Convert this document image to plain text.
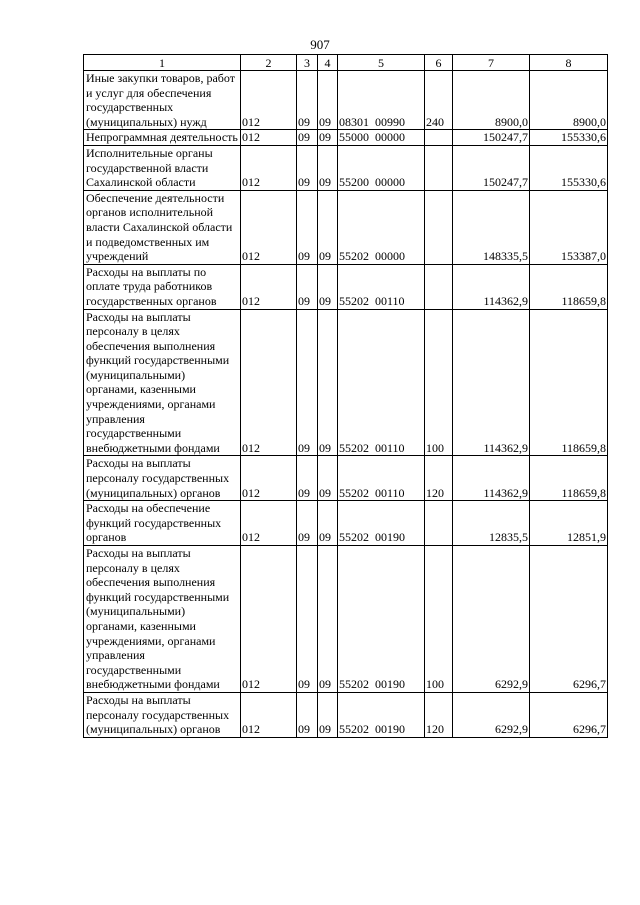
907
1	2	3	4	5	6	7	8
Иные закупки товаров, работ и услуг для обеспечения государственных (муниципальных) нужд	012	09	09	08301 00990	240	8900,0	8900,0
Непрограммная деятельность	012	09	09	55000 00000		150247,7	155330,6
Исполнительные органы государственной власти Сахалинской области	012	09	09	55200 00000		150247,7	155330,6
Обеспечение деятельности органов исполнительной власти Сахалинской области и подведомственных им учреждений	012	09	09	55202 00000		148335,5	153387,0
Расходы на выплаты по оплате труда работников государственных органов	012	09	09	55202 00110		114362,9	118659,8
Расходы на выплаты персоналу в целях обеспечения выполнения функций государственными (муниципальными) органами, казенными учреждениями, органами управления государственными внебюджетными фондами	012	09	09	55202 00110	100	114362,9	118659,8
Расходы на выплаты персоналу государственных (муниципальных) органов	012	09	09	55202 00110	120	114362,9	118659,8
Расходы на обеспечение функций государственных органов	012	09	09	55202 00190		12835,5	12851,9
Расходы на выплаты персоналу в целях обеспечения выполнения функций государственными (муниципальными) органами, казенными учреждениями, органами управления государственными внебюджетными фондами	012	09	09	55202 00190	100	6292,9	6296,7
Расходы на выплаты персоналу государственных (муниципальных) органов	012	09	09	55202 00190	120	6292,9	6296,7
